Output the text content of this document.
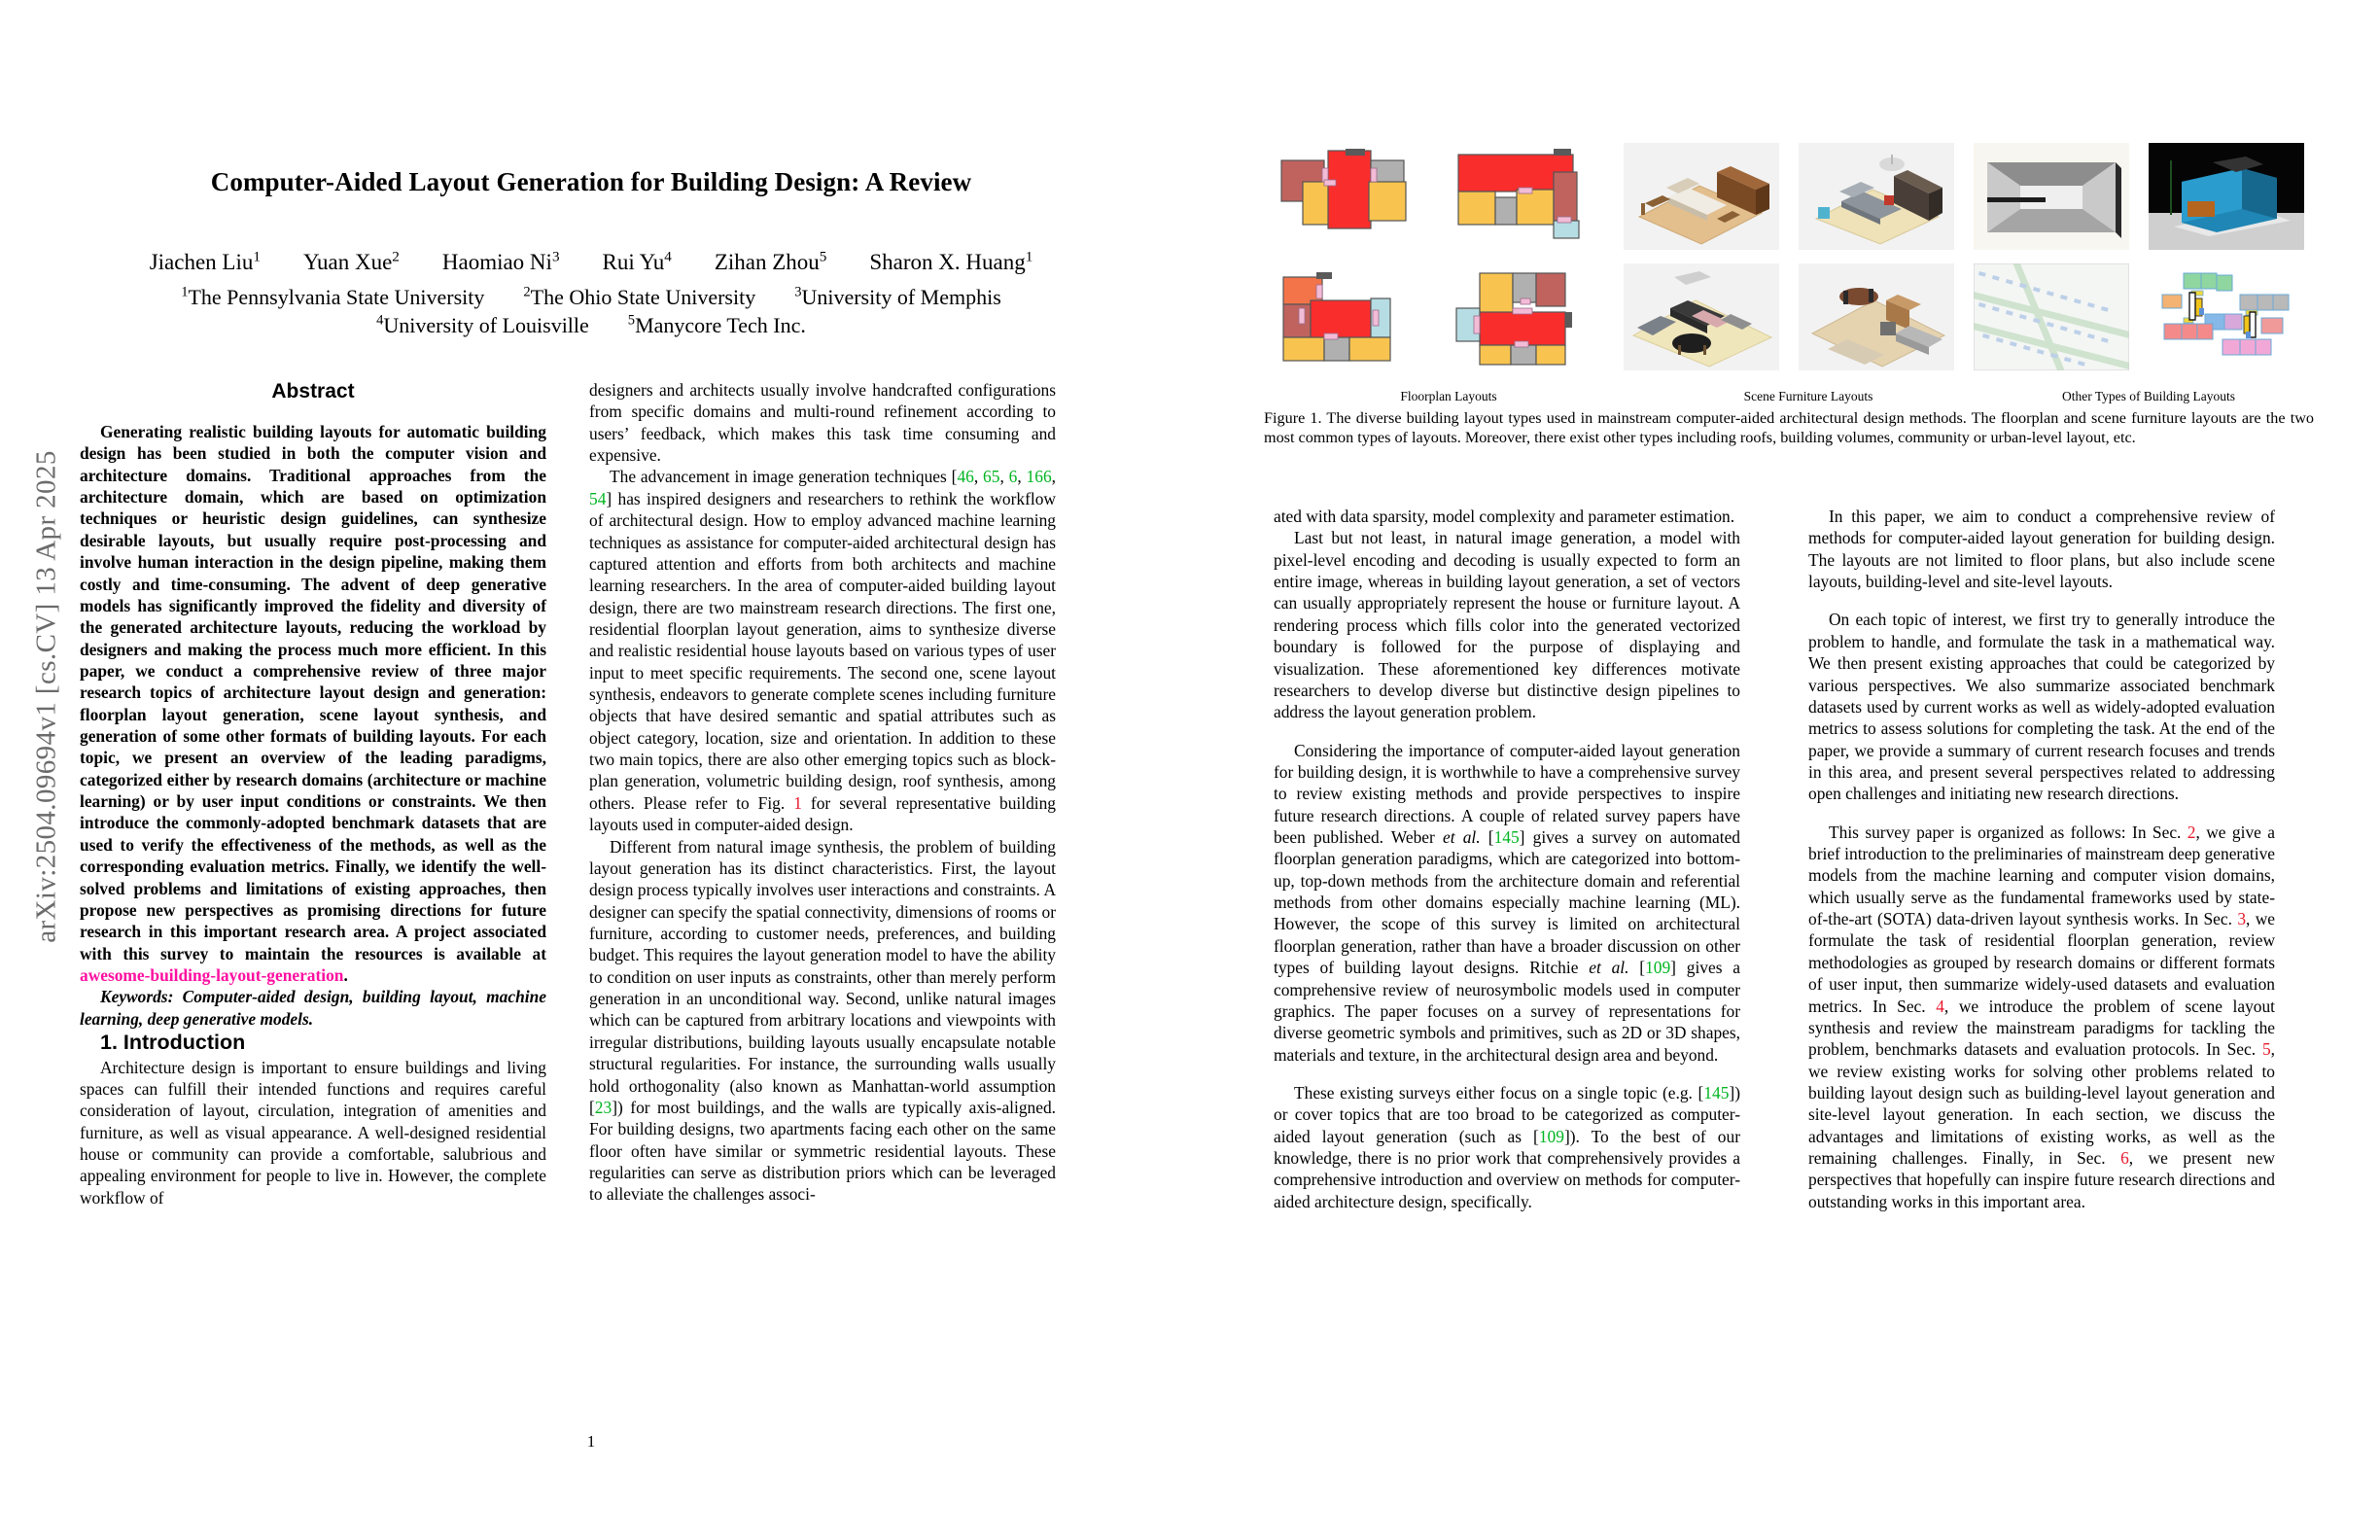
arXiv:2504.09694v1 [cs.CV] 13 Apr 2025
Computer-Aided Layout Generation for Building Design: A Review
Jiachen Liu$^1$ Yuan Xue$^2$ Haomiao Ni$^3$ Rui Yu$^4$ Zihan Zhou$^5$ Sharon X. Huang$^1$
$^1$The Pennsylvania State University	$^2$The Ohio State University	$^3$University of Memphis
$^4$University of Louisville	$^5$Manycore Tech Inc.
Abstract

Generating realistic building layouts for automatic building design has been studied in both the computer vision and architecture domains. Traditional approaches from the architecture domain, which are based on optimization techniques or heuristic design guidelines, can synthesize desirable layouts, but usually require post-processing and involve human interaction in the design pipeline, making them costly and time-consuming. The advent of deep generative models has significantly improved the fidelity and diversity of the generated architecture layouts, reducing the workload by designers and making the process much more efficient. In this paper, we conduct a comprehensive review of three major research topics of architecture layout design and generation: floorplan layout generation, scene layout synthesis, and generation of some other formats of building layouts. For each topic, we present an overview of the leading paradigms, categorized either by research domains (architecture or machine learning) or by user input conditions or constraints. We then introduce the commonly-adopted benchmark datasets that are used to verify the effectiveness of the methods, as well as the corresponding evaluation metrics. Finally, we identify the well-solved problems and limitations of existing approaches, then propose new perspectives as promising directions for future research in this important research area. A project associated with this survey to maintain the resources is available at awesome-building-layout-generation.

Keywords: Computer-aided design, building layout, machine learning, deep generative models.

1. Introduction

Architecture design is important to ensure buildings and living spaces can fulfill their intended functions and requires careful consideration of layout, circulation, integration of amenities and furniture, as well as visual appearance. A well-designed residential house or community can provide a comfortable, salubrious and appealing environment for people to live in. However, the complete workflow of

designers and architects usually involve handcrafted configurations from specific domains and multi-round refinement according to users’ feedback, which makes this task time consuming and expensive.

The advancement in image generation techniques [46, 65, 6, 166, 54] has inspired designers and researchers to rethink the workflow of architectural design. How to employ advanced machine learning techniques as assistance for computer-aided architectural design has captured attention and efforts from both architects and machine learning researchers. In the area of computer-aided building layout design, there are two mainstream research directions. The first one, residential floorplan layout generation, aims to synthesize diverse and realistic residential house layouts based on various types of user input to meet specific requirements. The second one, scene layout synthesis, endeavors to generate complete scenes including furniture objects that have desired semantic and spatial attributes such as object category, location, size and orientation. In addition to these two main topics, there are also other emerging topics such as block-plan generation, volumetric building design, roof synthesis, among others. Please refer to Fig. 1 for several representative building layouts used in computer-aided design.

Different from natural image synthesis, the problem of building layout generation has its distinct characteristics. First, the layout design process typically involves user interactions and constraints. A designer can specify the spatial connectivity, dimensions of rooms or furniture, according to customer needs, preferences, and building budget. This requires the layout generation model to have the ability to condition on user inputs as constraints, other than merely perform generation in an unconditional way. Second, unlike natural images which can be captured from arbitrary locations and viewpoints with irregular distributions, building layouts usually encapsulate notable structural regularities. For instance, the surrounding walls usually hold orthogonality (also known as Manhattan-world assumption [23]) for most buildings, and the walls are typically axis-aligned. For building designs, two apartments facing each other on the same floor often have similar or symmetric residential layouts. These regularities can serve as distribution priors which can be leveraged to alleviate the challenges associ-

1
Floorplan Layouts	Scene Furniture Layouts	Other Types of Building Layouts
Figure 1. The diverse building layout types used in mainstream computer-aided architectural design methods. The floorplan and scene furniture layouts are the two most common types of layouts. Moreover, there exist other types including roofs, building volumes, community or urban-level layout, etc.

ated with data sparsity, model complexity and parameter estimation.

Last but not least, in natural image generation, a model with pixel-level encoding and decoding is usually expected to form an entire image, whereas in building layout generation, a set of vectors can usually appropriately represent the house or furniture layout. A rendering process which fills color into the generated vectorized boundary is followed for the purpose of displaying and visualization. These aforementioned key differences motivate researchers to develop diverse but distinctive design pipelines to address the layout generation problem.

Considering the importance of computer-aided layout generation for building design, it is worthwhile to have a comprehensive survey to review existing methods and provide perspectives to inspire future research directions. A couple of related survey papers have been published. Weber et al. [145] gives a survey on automated floorplan generation paradigms, which are categorized into bottom-up, top-down methods from the architecture domain and referential methods from other domains especially machine learning (ML). However, the scope of this survey is limited on architectural floorplan generation, rather than have a broader discussion on other types of building layout designs. Ritchie et al. [109] gives a comprehensive review of neurosymbolic models used in computer graphics. The paper focuses on a survey of representations for diverse geometric symbols and primitives, such as 2D or 3D shapes, materials and texture, in the architectural design area and beyond.

These existing surveys either focus on a single topic (e.g. [145]) or cover topics that are too broad to be categorized as computer-aided layout generation (such as [109]). To the best of our knowledge, there is no prior work that comprehensively provides a comprehensive introduction and overview on methods for computer-aided architecture design, specifically.

In this paper, we aim to conduct a comprehensive review of methods for computer-aided layout generation for building design. The layouts are not limited to floor plans, but also include scene layouts, building-level and site-level layouts.

On each topic of interest, we first try to generally introduce the problem to handle, and formulate the task in a mathematical way. We then present existing approaches that could be categorized by various perspectives. We also summarize associated benchmark datasets used by current works as well as widely-adopted evaluation metrics to assess solutions for completing the task. At the end of the paper, we provide a summary of current research focuses and trends in this area, and present several perspectives related to addressing open challenges and initiating new research directions.

This survey paper is organized as follows: In Sec. 2, we give a brief introduction to the preliminaries of mainstream deep generative models from the machine learning and computer vision domains, which usually serve as the fundamental frameworks used by state-of-the-art (SOTA) data-driven layout synthesis works. In Sec. 3, we formulate the task of residential floorplan generation, review methodologies as grouped by research domains or different formats of user input, then summarize widely-used datasets and evaluation metrics. In Sec. 4, we introduce the problem of scene layout synthesis and review the mainstream paradigms for tackling the problem, benchmarks datasets and evaluation protocols. In Sec. 5, we review existing works for solving other problems related to building layout design such as building-level layout generation and site-level layout generation. In each section, we discuss the advantages and limitations of existing works, as well as the remaining challenges. Finally, in Sec. 6, we present new perspectives that hopefully can inspire future research directions and outstanding works in this important area.
